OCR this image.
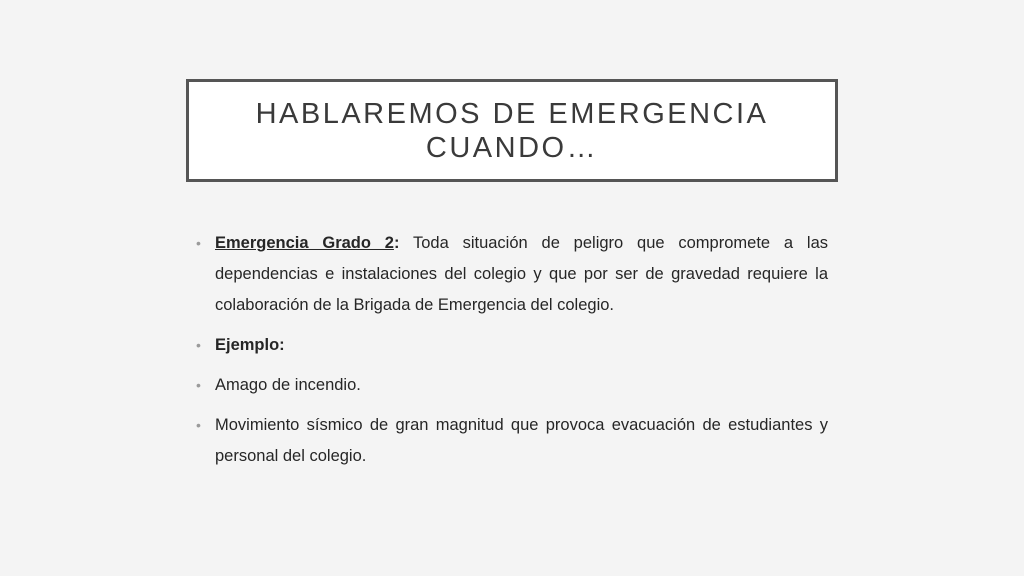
HABLAREMOS DE EMERGENCIA CUANDO…
• Emergencia Grado 2: Toda situación de peligro que compromete a las dependencias e instalaciones del colegio y que por ser de gravedad requiere la colaboración de la Brigada de Emergencia del colegio.
• Ejemplo:
• Amago de incendio.
• Movimiento sísmico de gran magnitud que provoca evacuación de estudiantes y personal del colegio.
